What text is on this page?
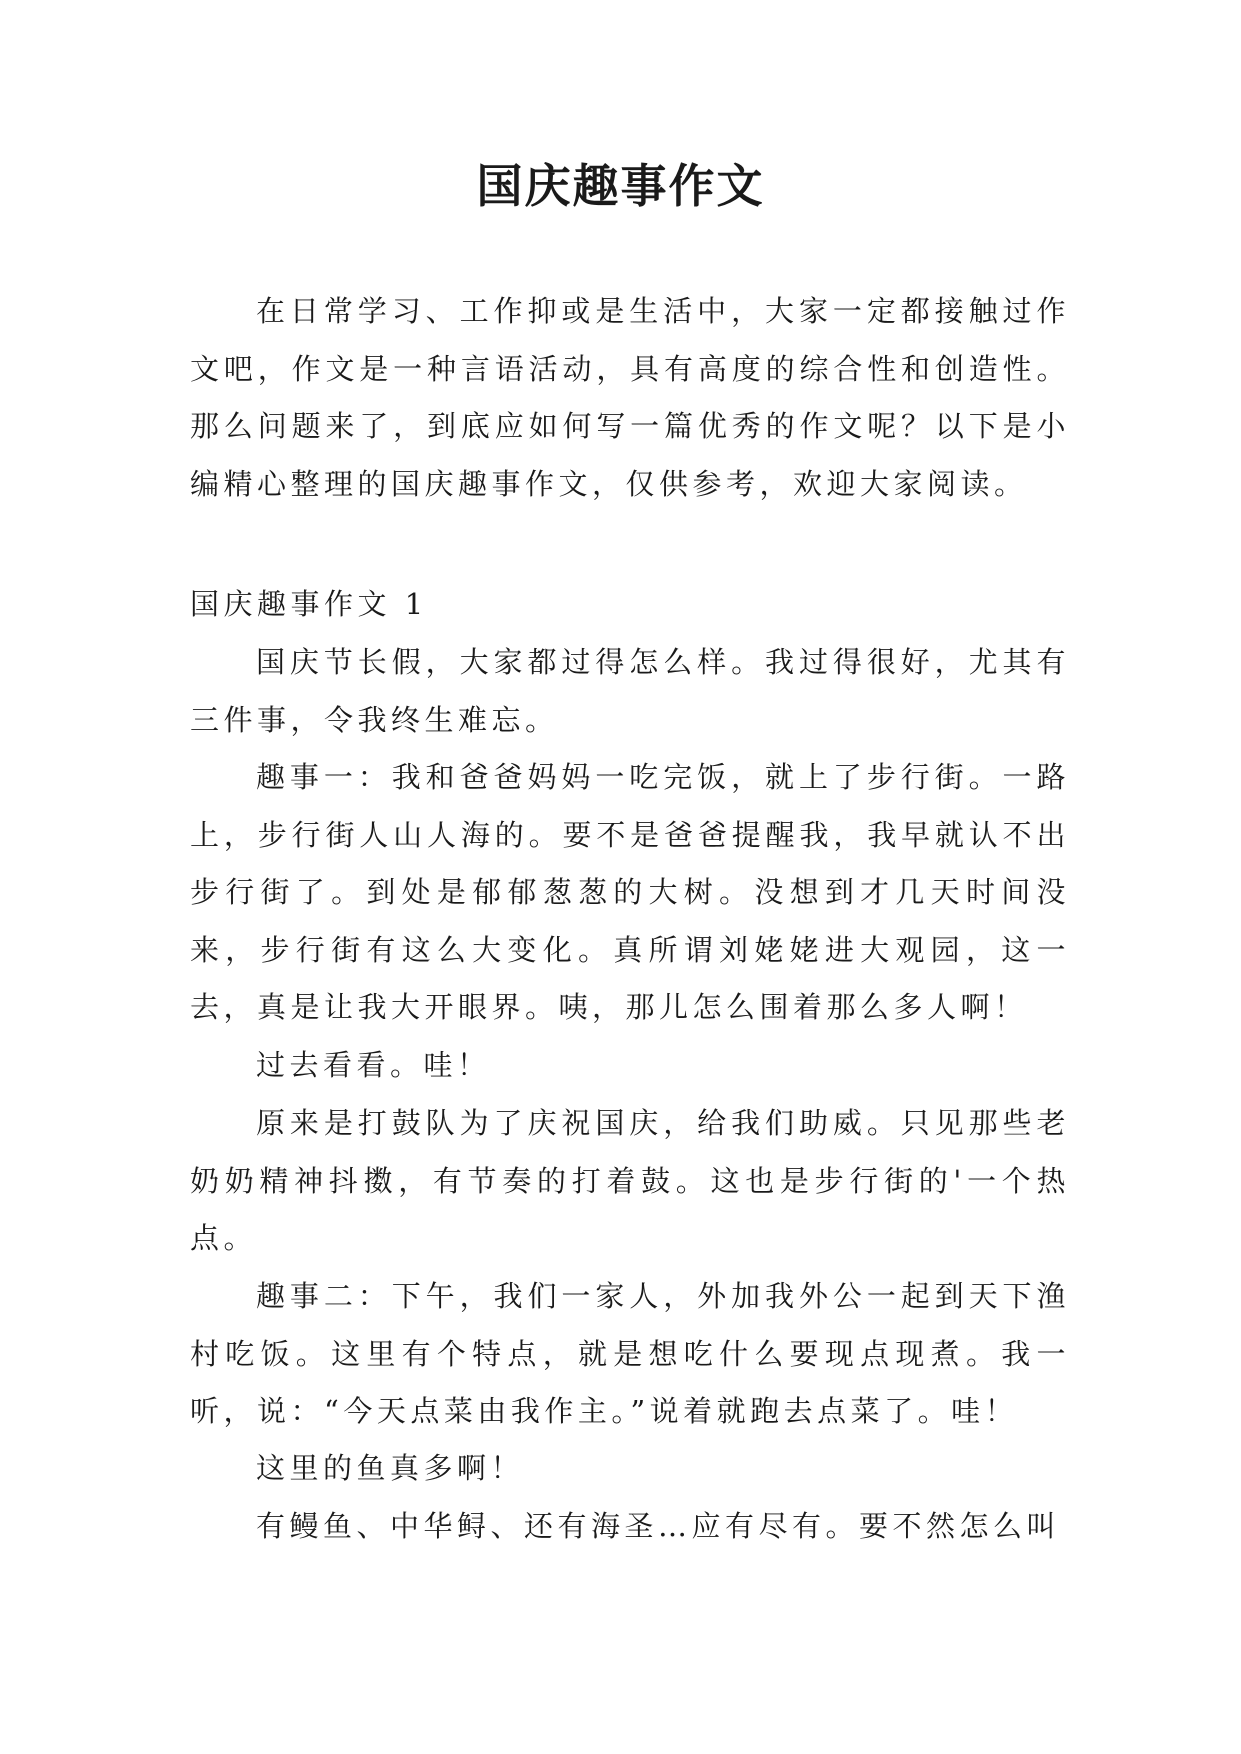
国庆趣事作文

在日常学习、工作抑或是生活中，大家一定都接触过作文吧，作文是一种言语活动，具有高度的综合性和创造性。那么问题来了，到底应如何写一篇优秀的作文呢？以下是小编精心整理的国庆趣事作文，仅供参考，欢迎大家阅读。

国庆趣事作文 1

国庆节长假，大家都过得怎么样。我过得很好，尤其有三件事，令我终生难忘。

趣事一：我和爸爸妈妈一吃完饭，就上了步行街。一路上，步行街人山人海的。要不是爸爸提醒我，我早就认不出步行街了。到处是郁郁葱葱的大树。没想到才几天时间没来，步行街有这么大变化。真所谓刘姥姥进大观园，这一去，真是让我大开眼界。咦，那儿怎么围着那么多人啊！

过去看看。哇！

原来是打鼓队为了庆祝国庆，给我们助威。只见那些老奶奶精神抖擞，有节奏的打着鼓。这也是步行街的'一个热点。

趣事二：下午，我们一家人，外加我外公一起到天下渔村吃饭。这里有个特点，就是想吃什么要现点现煮。我一听，说：“今天点菜由我作主。”说着就跑去点菜了。哇！

这里的鱼真多啊！

有鳗鱼、中华鲟、还有海圣…应有尽有。要不然怎么叫
